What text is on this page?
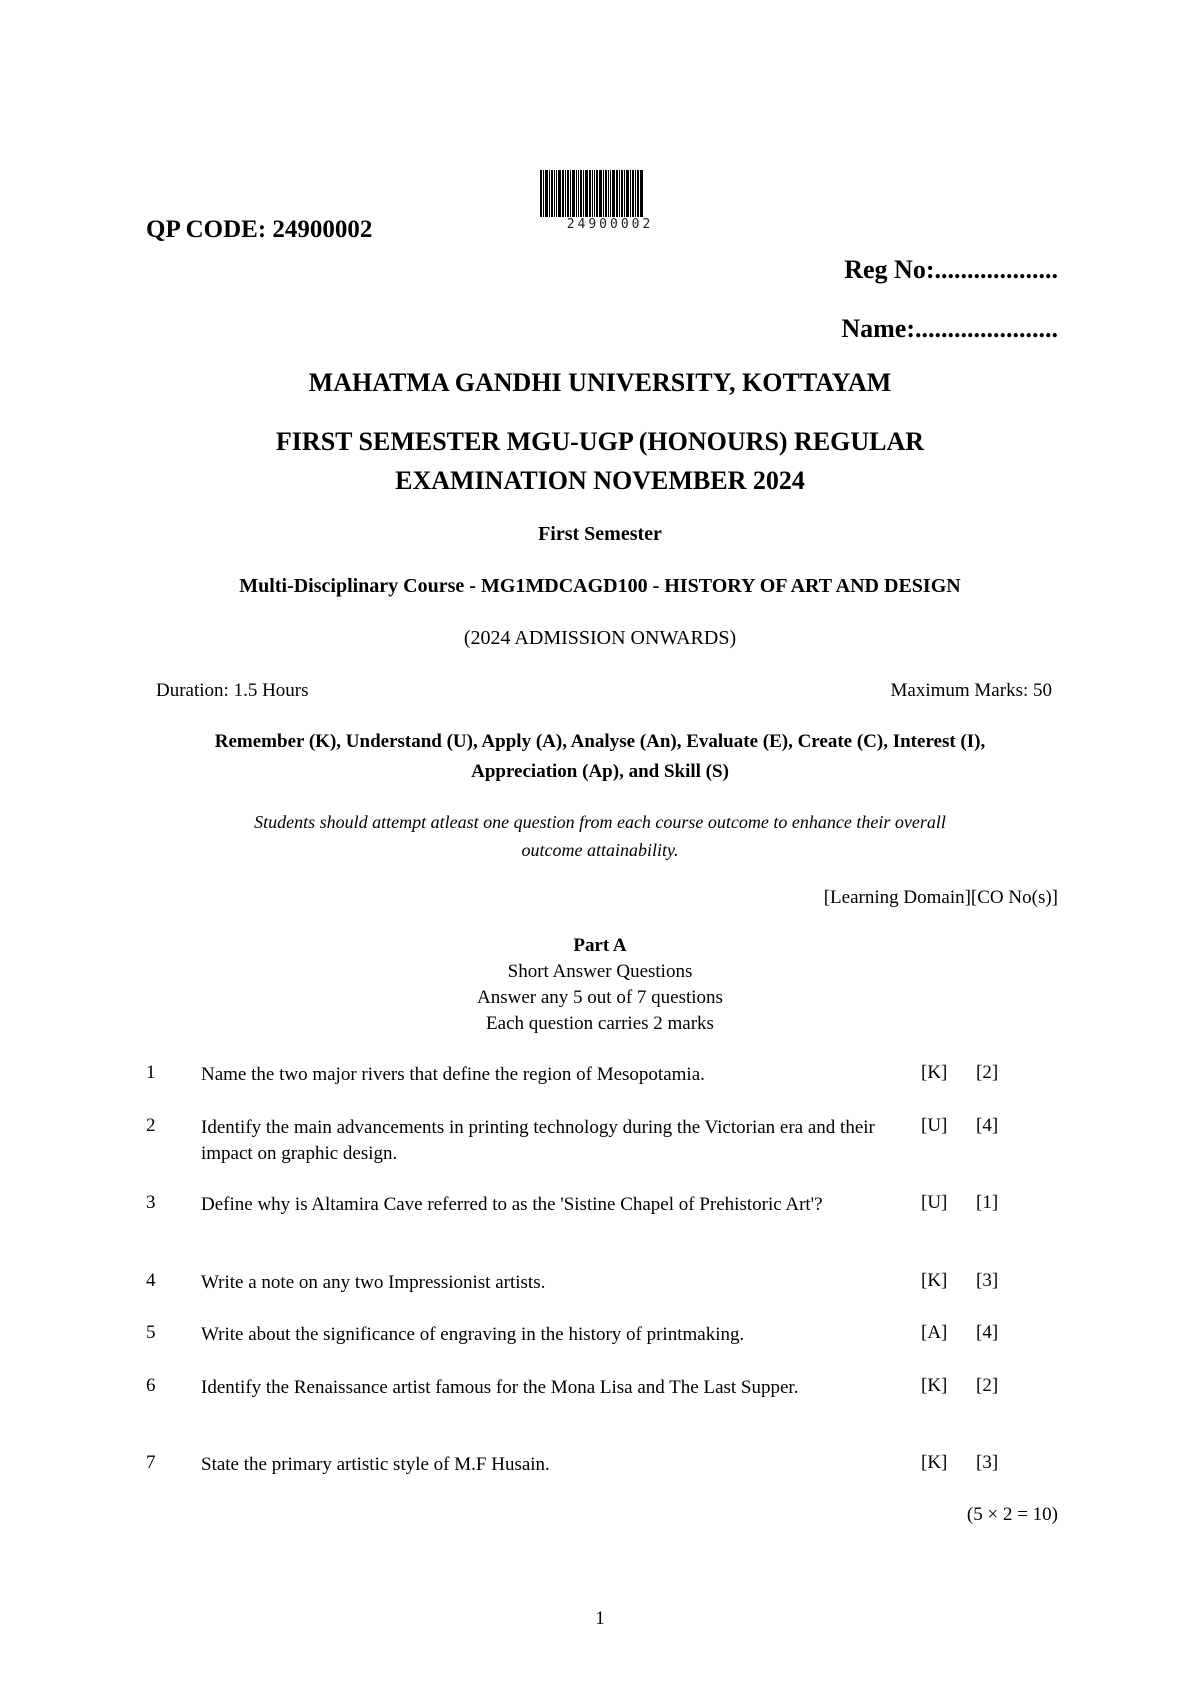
QP CODE: 24900002	24900002
Reg No:...................
Name:......................
MAHATMA GANDHI UNIVERSITY, KOTTAYAM
FIRST SEMESTER MGU-UGP (HONOURS) REGULAR
EXAMINATION NOVEMBER 2024
First Semester
Multi-Disciplinary Course - MG1MDCAGD100 - HISTORY OF ART AND DESIGN
(2024 ADMISSION ONWARDS)
Duration: 1.5 Hours	Maximum Marks: 50
Remember (K), Understand (U), Apply (A), Analyse (An), Evaluate (E), Create (C), Interest (I),
Appreciation (Ap), and Skill (S)
Students should attempt atleast one question from each course outcome to enhance their overall
outcome attainability.
[Learning Domain][CO No(s)]
Part A
Short Answer Questions
Answer any 5 out of 7 questions
Each question carries 2 marks
1 Name the two major rivers that define the region of Mesopotamia.	[K] [2]
2 Identify the main advancements in printing technology during the Victorian era and their impact on graphic design.
[U] [4]
3 Define why is Altamira Cave referred to as the 'Sistine Chapel of Prehistoric Art'?	[U] [1]
4 Write a note on any two Impressionist artists.	[K] [3]
5 Write about the significance of engraving in the history of printmaking.	[A] [4]
6 Identify the Renaissance artist famous for the Mona Lisa and The Last Supper.	[K] [2]
7 State the primary artistic style of M.F Husain.	[K] [3]
(5 × 2 = 10)
1
